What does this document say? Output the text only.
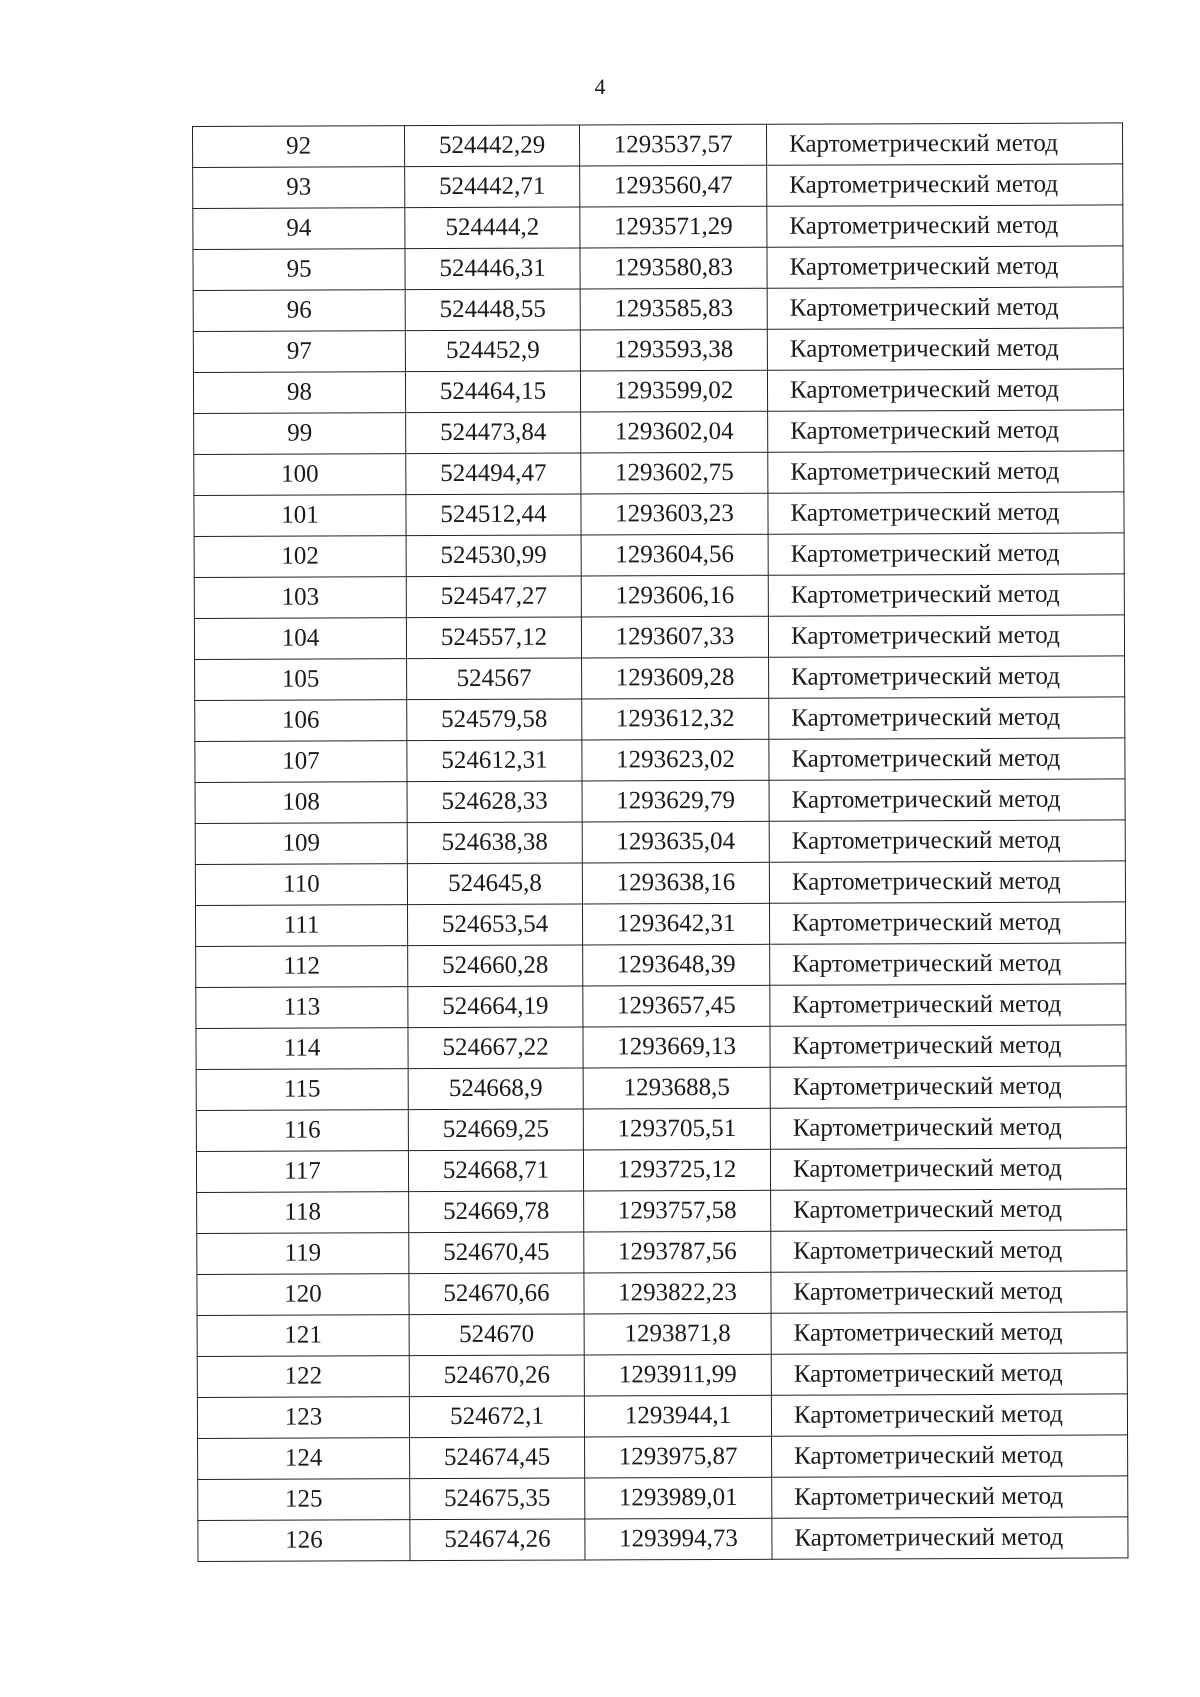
4
92	524442,29	1293537,57	Картометрический метод
93	524442,71	1293560,47	Картометрический метод
94	524444,2	1293571,29	Картометрический метод
95	524446,31	1293580,83	Картометрический метод
96	524448,55	1293585,83	Картометрический метод
97	524452,9	1293593,38	Картометрический метод
98	524464,15	1293599,02	Картометрический метод
99	524473,84	1293602,04	Картометрический метод
100	524494,47	1293602,75	Картометрический метод
101	524512,44	1293603,23	Картометрический метод
102	524530,99	1293604,56	Картометрический метод
103	524547,27	1293606,16	Картометрический метод
104	524557,12	1293607,33	Картометрический метод
105	524567	1293609,28	Картометрический метод
106	524579,58	1293612,32	Картометрический метод
107	524612,31	1293623,02	Картометрический метод
108	524628,33	1293629,79	Картометрический метод
109	524638,38	1293635,04	Картометрический метод
110	524645,8	1293638,16	Картометрический метод
111	524653,54	1293642,31	Картометрический метод
112	524660,28	1293648,39	Картометрический метод
113	524664,19	1293657,45	Картометрический метод
114	524667,22	1293669,13	Картометрический метод
115	524668,9	1293688,5	Картометрический метод
116	524669,25	1293705,51	Картометрический метод
117	524668,71	1293725,12	Картометрический метод
118	524669,78	1293757,58	Картометрический метод
119	524670,45	1293787,56	Картометрический метод
120	524670,66	1293822,23	Картометрический метод
121	524670	1293871,8	Картометрический метод
122	524670,26	1293911,99	Картометрический метод
123	524672,1	1293944,1	Картометрический метод
124	524674,45	1293975,87	Картометрический метод
125	524675,35	1293989,01	Картометрический метод
126	524674,26	1293994,73	Картометрический метод
